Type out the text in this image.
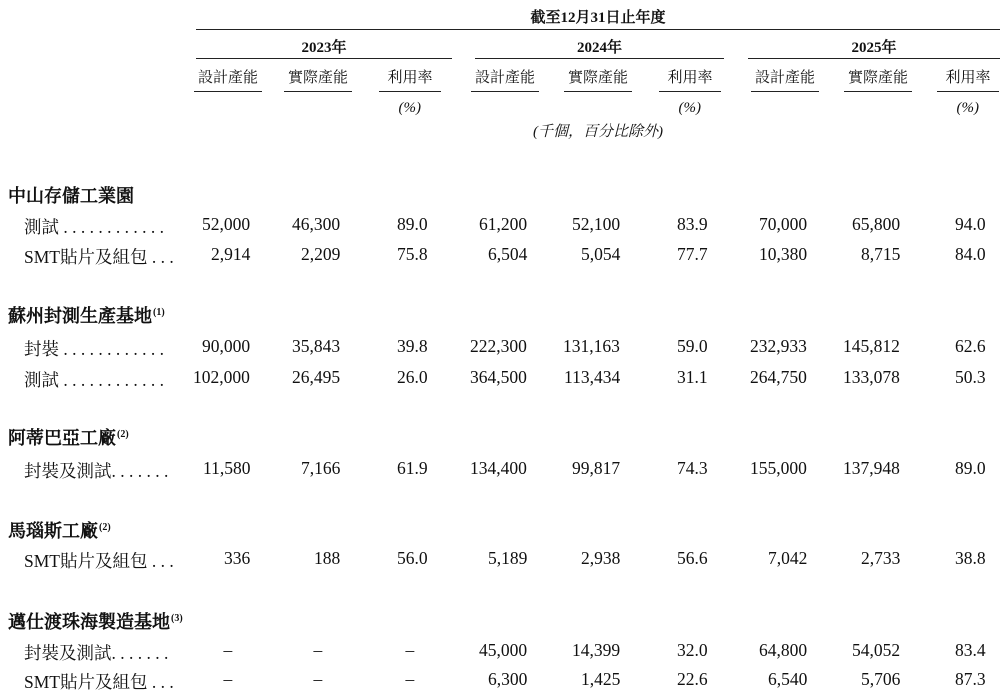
截至12月31日止年度
2023年	2024年	2025年
設計產能 實際產能	利用率	設計產能 實際產能	利用率	設計產能 實際產能 利用率
(%)	(%)	(%)
(千個，百分比除外)
中山存儲工業園
測試 . . . . . . . . . . . . 52,000 46,300	89.0	61,200	52,100	83.9	70,000	65,800	94.0
SMT貼片及組包 . . . 2,914	2,209	75.8	6,504	5,054	77.7	10,380	8,715	84.0
蘇州封測生產基地$^{(1)}$
封裝 . . . . . . . . . . . . 90,000 35,843	39.8 222,300 131,163	59.0 232,933 145,812	62.6
測試 . . . . . . . . . . . . 102,000 26,495	26.0 364,500 113,434	31.1 264,750 133,078	50.3
阿蒂巴亞工廠$^{(2)}$
封裝及測試. . . . . . . 11,580	7,166	61.9 134,400	99,817	74.3 155,000 137,948	89.0
馬瑙斯工廠$^{(2)}$
SMT貼片及組包 . . .	336	188	56.0	5,189	2,938	56.6	7,042	2,733	38.8
邁仕渡珠海製造基地$^{(3)}$
封裝及測試. . . . . . .	–	–	–	45,000	14,399	32.0	64,800	54,052	83.4
SMT貼片及組包 . . .	–	–	–	6,300	1,425	22.6	6,540	5,706	87.3
